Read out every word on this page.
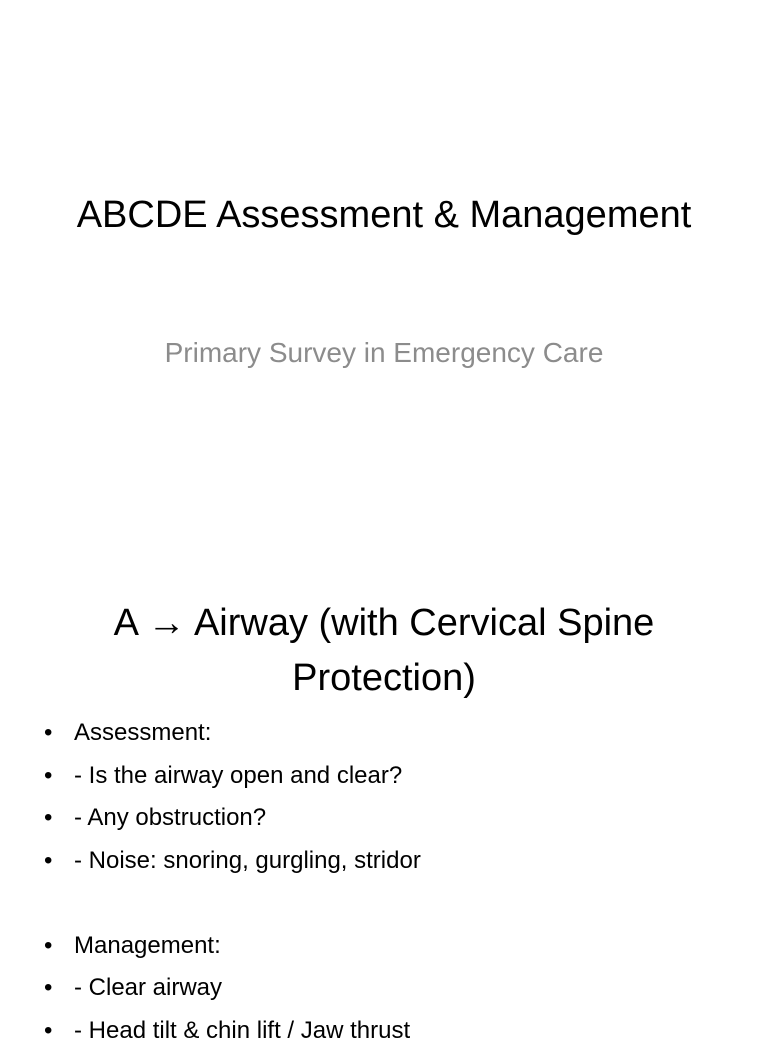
ABCDE Assessment & Management
Primary Survey in Emergency Care
A → Airway (with Cervical Spine Protection)
• Assessment:
• - Is the airway open and clear?
• - Any obstruction?
• - Noise: snoring, gurgling, stridor
• Management:
• - Clear airway
• - Head tilt & chin lift / Jaw thrust
